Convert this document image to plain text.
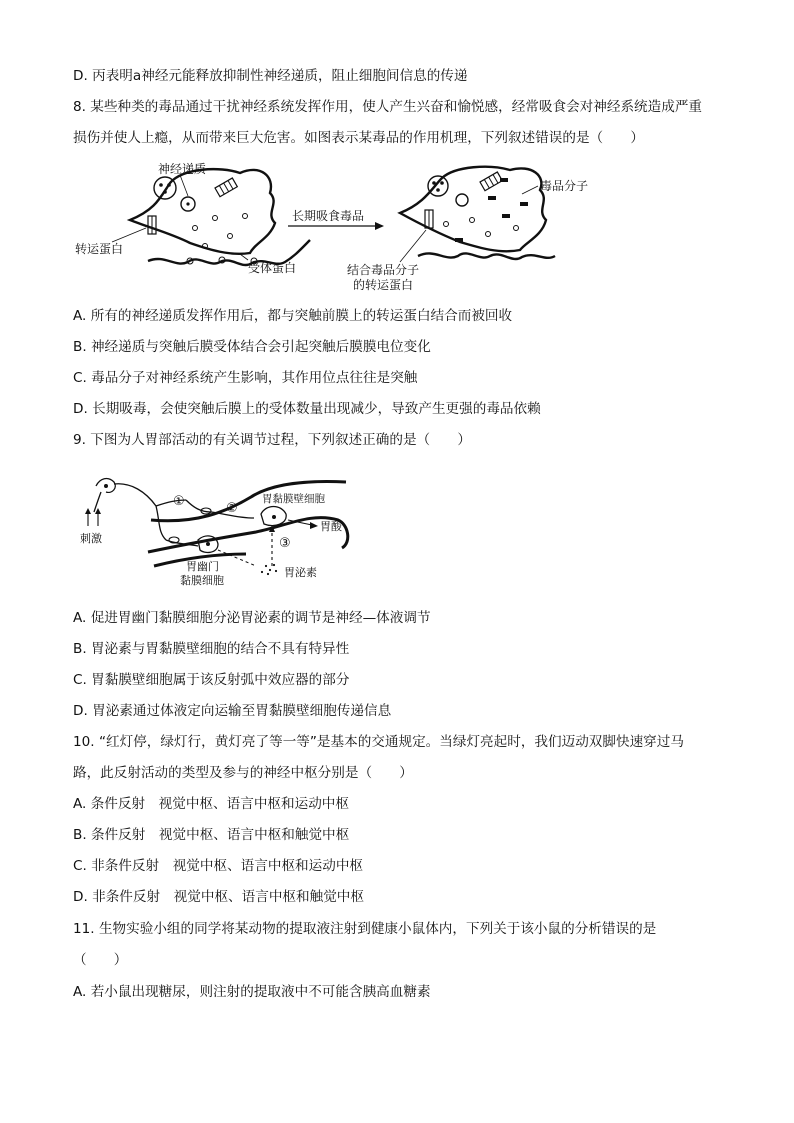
D. 丙表明a神经元能释放抑制性神经递质，阻止细胞间信息的传递
8. 某些种类的毒品通过干扰神经系统发挥作用，使人产生兴奋和愉悦感，经常吸食会对神经系统造成严重
损伤并使人上瘾，从而带来巨大危害。如图表示某毒品的作用机理，下列叙述错误的是（　　）
神经递质
转运蛋白
受体蛋白
长期吸食毒品
毒品分子
结合毒品分子
的转运蛋白
A. 所有的神经递质发挥作用后，都与突触前膜上的转运蛋白结合而被回收
B. 神经递质与突触后膜受体结合会引起突触后膜膜电位变化
C. 毒品分子对神经系统产生影响，其作用位点往往是突触
D. 长期吸毒，会使突触后膜上的受体数量出现减少，导致产生更强的毒品依赖
9. 下图为人胃部活动的有关调节过程，下列叙述正确的是（　　）
刺激
①	②
③
胃黏膜壁细胞
胃酸
胃泌素
胃幽门
黏膜细胞
A. 促进胃幽门黏膜细胞分泌胃泌素的调节是神经—体液调节
B. 胃泌素与胃黏膜壁细胞的结合不具有特异性
C. 胃黏膜壁细胞属于该反射弧中效应器的部分
D. 胃泌素通过体液定向运输至胃黏膜壁细胞传递信息
10. “红灯停，绿灯行，黄灯亮了等一等”是基本的交通规定。当绿灯亮起时，我们迈动双脚快速穿过马
路，此反射活动的类型及参与的神经中枢分别是（　　）
A. 条件反射　视觉中枢、语言中枢和运动中枢
B. 条件反射　视觉中枢、语言中枢和触觉中枢
C. 非条件反射　视觉中枢、语言中枢和运动中枢
D. 非条件反射　视觉中枢、语言中枢和触觉中枢
11. 生物实验小组的同学将某动物的提取液注射到健康小鼠体内，下列关于该小鼠的分析错误的是
（　　）
A. 若小鼠出现糖尿，则注射的提取液中不可能含胰高血糖素
